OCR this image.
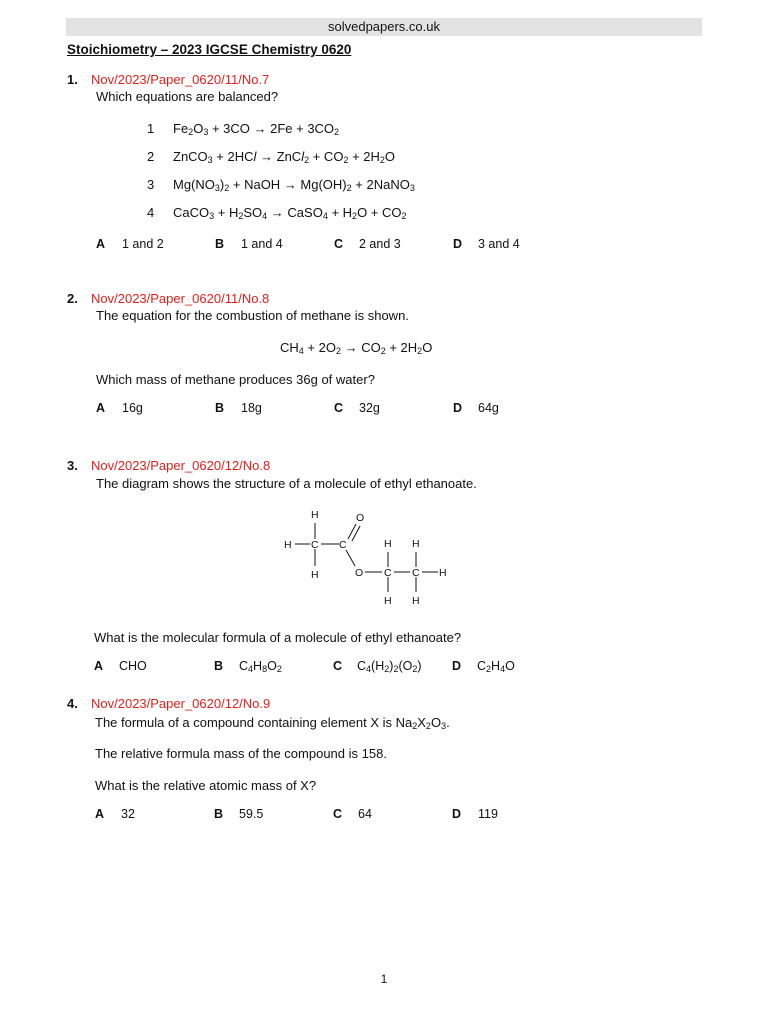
solvedpapers.co.uk
Stoichiometry – 2023 IGCSE Chemistry 0620
1. Nov/2023/Paper_0620/11/No.7
Which equations are balanced?
1 $Fe_2O_3 + 3CO \to 2Fe + 3CO_2$
2 ZnCO$_3$ + 2HCl → ZnCl$_2$ + $CO_2 + 2H_2O$
3 $Mg(NO_3)_2$ + NaOH → $Mg(OH)_2$ + 2NaNO$_3$
4 CaCO$_3$ + $H_2SO_4$ → CaSO$_4$ + $H_2O + CO_2$
A 1 and 2	B 1 and 4	C 2 and 3	D 3 and 4
2. Nov/2023/Paper_0620/11/No.8
The equation for the combustion of methane is shown.
$CH_4 + 2O_2 \to CO_2 + 2H_2O$
Which mass of methane produces 36g of water?
A 16g	B 18g	C 32g	D 64g
3. Nov/2023/Paper_0620/12/No.8
The diagram shows the structure of a molecule of ethyl ethanoate.
H
H C C
H
O
O C C H
H H
H H
What is the molecular formula of a molecule of ethyl ethanoate?
A CHO	B $C_4H_8O_2$	C $C_4(H_2)_2(O_2)$ D $C_2H_4O$
4. Nov/2023/Paper_0620/12/No.9
The formula of a compound containing element X is $Na_2X_2O_3$.
The relative formula mass of the compound is 158.
What is the relative atomic mass of X?
A 32	B 59.5	C 64	D 119
1
